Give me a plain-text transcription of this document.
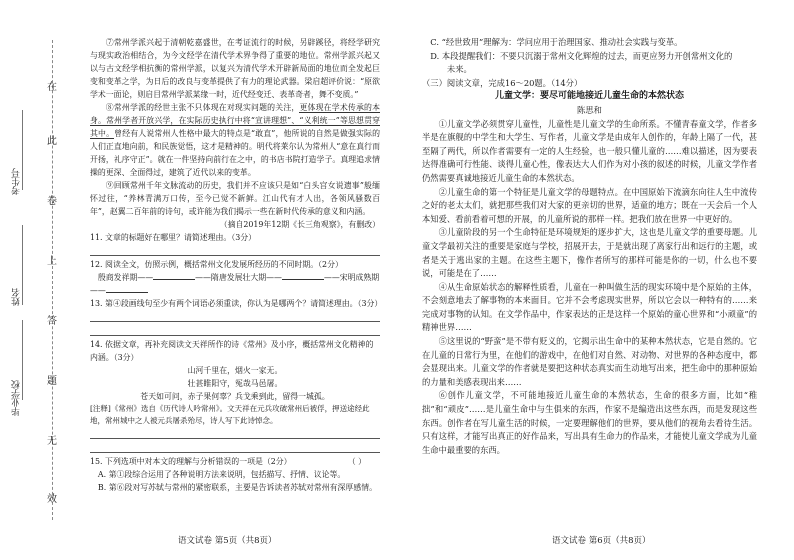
在
此
卷
上
答
题
无
效
考生号
姓名
毕业学校

⑦常州学派兴起于清朝乾嘉盛世，在考证流行的时候，另辟蹊径，将经学研究与现实政治相结合，为今文经学在清代学术界争得了重要的地位。常州学派兴起又以与古文经学相抗衡的常州学派，以复兴为清代学术开辟新局面的地位而全发起巨变和变革之学，为日后的改良与变革提供了有力的理论武器。梁启超评价说：“原欲学术一面论，则启目常州学派某缘一时，近代经变迁、表革奇者，舞不变质。”

⑧常州学派的经世主张不只体现在对现实问题的关注，更体现在学术传承的本身。常州学者开放兴学，在实际历史执行中将“宣讲理想”、“义利统一”等思想贯穿其中。曾经有人说常州人性格中最大的特点是“敢直”，他所说的自然是做强实际的人们正直地向前，和民族觉悟，这才是精神的。明代将莱尔认为常州人“意在真行而开扬，礼序守正”。就在一件坚持向前行在之中，的书店书院打造学子。真理追求情操的更深、全面得过，建筑了近代以来的变革。

⑨回顾常州千年文脉流动的历史，我们并不应该只是如“白头宫女说遗事”般缅怀过往，“养林青满万口传，至今已觉不新鲜。江山代有才人出，各领风骚数百年”，赵翼二百年前的诗句，或许能为我们揭示一些在新时代传承的意义和内涵。

（摘自2019年12期《长三角观察》，有删改）
11. 文章的标题好在哪里？请简述理由。（3分）
12. 阅读全文，仿照示例，概括常州文化发展所经历的不同时期。（2分）
殷商发祥期——	——隋唐发展壮大期——	——宋明成熟期——
13. 第④段画线句至少有两个词语必须重读，你认为是哪两个？请简述理由。（3分）
14. 依据文章，再补充阅读文天祥所作的诗《常州》及小序，概括常州文化精神的内涵。（3分）
山河千里在，烟火一家无。
壮甚睢阳守，冤哉马邑屠。
苍天如可问，赤子果何辜？兵戈乘到此，留得一城孤。
[注释]《常州》选自《历代诗人吟常州》。文天祥在元兵攻破常州后被俘，押送途经此地，常州城中之人被元兵屠杀殆尽，诗人写下此诗悼念。
15. 下列选项中对本文的理解与分析错误的一项是（2分）	（ ）
A. 第①段综合运用了各种说明方法来说明，包括描写、抒情、议论等。
B. 第⑥段对写苏轼与常州的紧密联系，主要是告诉读者苏轼对常州有深厚感情。
语文试卷 第5页（共8页）
C. “经世致用”理解为：学问应用于治理国家、推动社会实践与变革。
D. 本段提醒我们：不要只沉溺于常州文化辉煌的过去，而更应努力开创常州文化的
未来。
（三）阅读文章，完成16～20题。（14分）
儿童文学：要尽可能地接近儿童生命的本然状态
陈思和

①儿童文学必须贯穿儿童性，儿童性是儿童文学的生命所系。不懂青春童文学，作者多半是在旗舰的中学生和大学生、写作者，儿童文学是由成年人创作的，年龄上隔了一代，甚至隔了两代，所以作者需要有一定的人生经验，也一般只懂儿童的……难以描述，因为要表达得准确可行性能、谈得儿童心性，像表达大人们作为对小孩的叙述的时候，儿童文学作者仍然需要真诚地接近儿童生命的本然状态。

②儿童生命的第一个特征是儿童文学的母题特点。在中国原始下流滴东向往人生中流传之好的老太太们，就把那些我们对大家的更亲切的世界，适童的地方；既在一天会后一个人本知爱、看前看着可想的开展，的儿童所说的那样一样。把我们放在世界一中更好的。

③儿童阶段的另一个生命特征是环境规矩的逐步扩大，这也是儿童文学的重要母题。儿童文学最初关注的重要是家庭与学校，招展开去，于是就出现了离家行出和远行的主题，或者是关于逃出家的主题。在这些主题下，像作者所写的那样可能是你的一切，什么也不要说，可能是在了……

④从生命原始状态的解释性质看，儿童在一种叫做生活的现实环境中是个原始的主体，不会刻意地去了解事物的本来面目。它并不会考虑现实世界，所以它会以一种特有的……来完成对事物的认知。在文学作品中，作家表达的正是这样一个原始的童心世界和“小顽童”的精神世界……

⑤这里说的“野蛮”是不带有贬义的，它揭示出生命中的某种本然状态，它是自然的。它在儿童的日常行为里，在他们的游戏中，在他们对自然、对动物、对世界的各种态度中，都会显现出来。儿童文学的作者就是要把这种状态真实而生动地写出来，把生命中的那种原始的力量和美感表现出来……

⑥创作儿童文学，不可能地接近儿童生命的本然状态，生命的很多方面，比如“稚拙”和“顽皮”……是儿童生命中与生俱来的东西，作家不是编造出这些东西，而是发现这些东西。创作者在写儿童生活的时候，一定要理解他们的世界，要从他们的视角去看待生活。只有这样，才能写出真正的好作品来，写出具有生命力的作品来，才能使儿童文学成为儿童生命中最重要的东西。

语文试卷 第6页（共8页）
